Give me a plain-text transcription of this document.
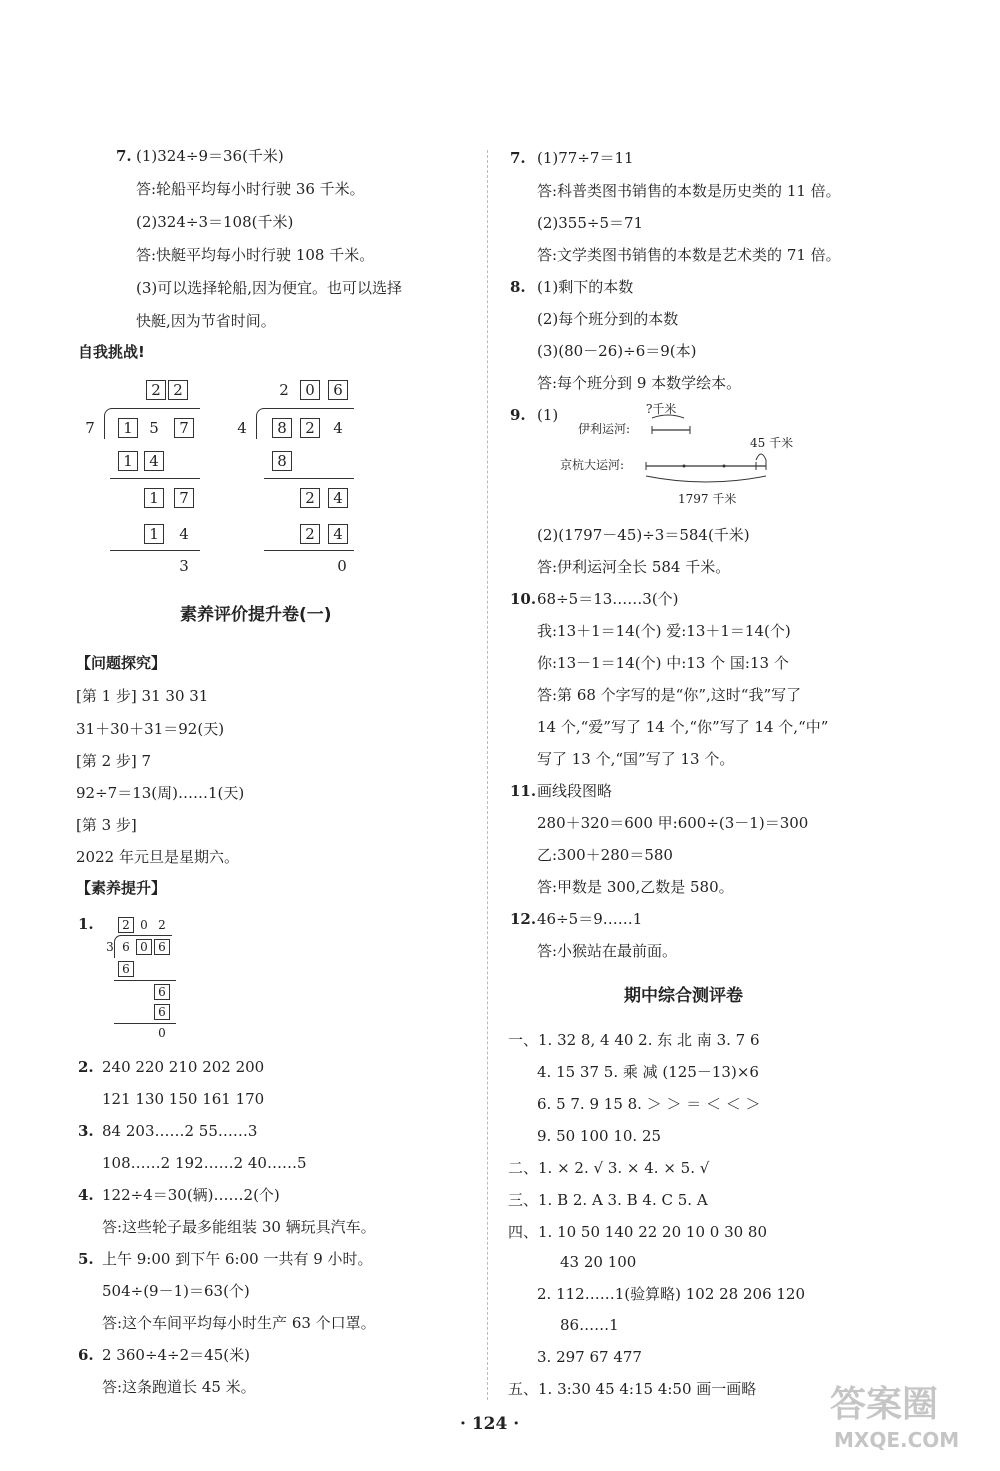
7. (1)324÷9＝36(千米)
答:轮船平均每小时行驶 36 千米。
(2)324÷3＝108(千米)
答:快艇平均每小时行驶 108 千米。
(3)可以选择轮船,因为便宜。也可以选择
快艇,因为节省时间。
自我挑战!
2 2
7	1	5	7
1	4
1	7
1	4
3
2	0	6
4	8	2	4
8
2	4
2	4
0
素养评价提升卷(一)
【问题探究】
[第 1 步] 31 30 31
31＋30＋31＝92(天)
[第 2 步] 7
92÷7＝13(周)……1(天)
[第 3 步]
2022 年元旦是星期六。
【素养提升】
1.	2 0 2
3 6 0 6
6
6
6
0
2. 240 220 210 202 200
121 130 150 161 170
3. 84 203……2 55……3
108……2 192……2 40……5
4. 122÷4＝30(辆)……2(个)
答:这些轮子最多能组装 30 辆玩具汽车。
5. 上午 9:00 到下午 6:00 一共有 9 小时。
504÷(9－1)＝63(个)
答:这个车间平均每小时生产 63 个口罩。
6. 2 360÷4÷2＝45(米)
答:这条跑道长 45 米。
7. (1)77÷7＝11
答:科普类图书销售的本数是历史类的 11 倍。
(2)355÷5＝71
答:文学类图书销售的本数是艺术类的 71 倍。
8. (1)剩下的本数
(2)每个班分到的本数
(3)(80－26)÷6＝9(本)
答:每个班分到 9 本数学绘本。
9. (1)	?千米
伊利运河:
京杭大运河:
45 千米
1797 千米
(2)(1797－45)÷3＝584(千米)
答:伊利运河全长 584 千米。
10. 68÷5＝13……3(个)
我:13＋1＝14(个) 爱:13＋1＝14(个)
你:13－1＝14(个) 中:13 个 国:13 个
答:第 68 个字写的是“你”,这时“我”写了
14 个,“爱”写了 14 个,“你”写了 14 个,“中”
写了 13 个,“国”写了 13 个。
11. 画线段图略
280＋320＝600 甲:600÷(3－1)＝300
乙:300＋280＝580
答:甲数是 300,乙数是 580。
12. 46÷5＝9……1
答:小猴站在最前面。
期中综合测评卷
一、1. 32 8, 4 40 2. 东 北 南 3. 7 6
4. 15 37 5. 乘 减 (125－13)×6
6. 5 7. 9 15 8. ＞ ＞ ＝ ＜ ＜ ＞
9. 50 100 10. 25
二、1. × 2. √ 3. × 4. × 5. √
三、1. B 2. A 3. B 4. C 5. A
四、1. 10 50 140 22 20 10 0 30 80
43 20 100
2. 112……1(验算略) 102 28 206 120
86……1
3. 297 67 477
五、1. 3:30 45 4:15 4:50 画一画略
· 124 ·	答案圈
MXQE.COM
